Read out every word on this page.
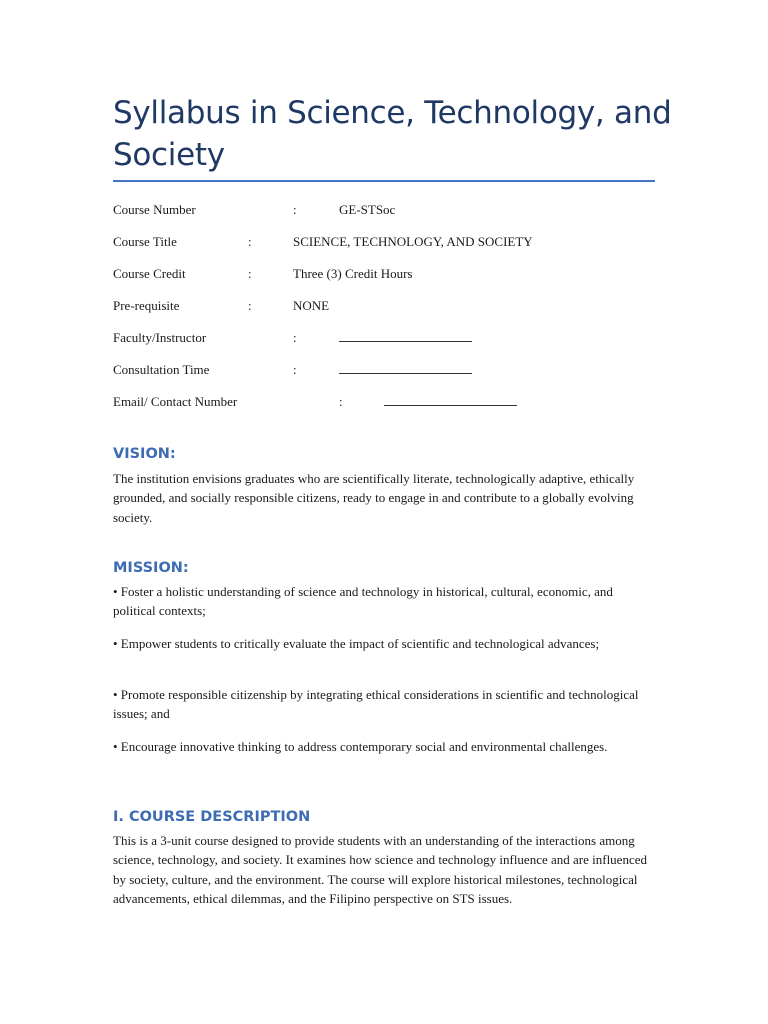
Syllabus in Science, Technology, and Society
Course Number	:	GE-STSoc
Course Title	:	SCIENCE, TECHNOLOGY, AND SOCIETY
Course Credit	:	Three (3) Credit Hours
Pre-requisite	:	NONE
Faculty/Instructor	:
Consultation Time	:
Email/ Contact Number	:
VISION:

The institution envisions graduates who are scientifically literate, technologically adaptive, ethically grounded, and socially responsible citizens, ready to engage in and contribute to a globally evolving society.

MISSION:

• Foster a holistic understanding of science and technology in historical, cultural, economic, and political contexts;

• Empower students to critically evaluate the impact of scientific and technological advances;

• Promote responsible citizenship by integrating ethical considerations in scientific and technological issues; and

• Encourage innovative thinking to address contemporary social and environmental challenges.

I. COURSE DESCRIPTION

This is a 3-unit course designed to provide students with an understanding of the interactions among science, technology, and society. It examines how science and technology influence and are influenced by society, culture, and the environment. The course will explore historical milestones, technological advancements, ethical dilemmas, and the Filipino perspective on STS issues.
